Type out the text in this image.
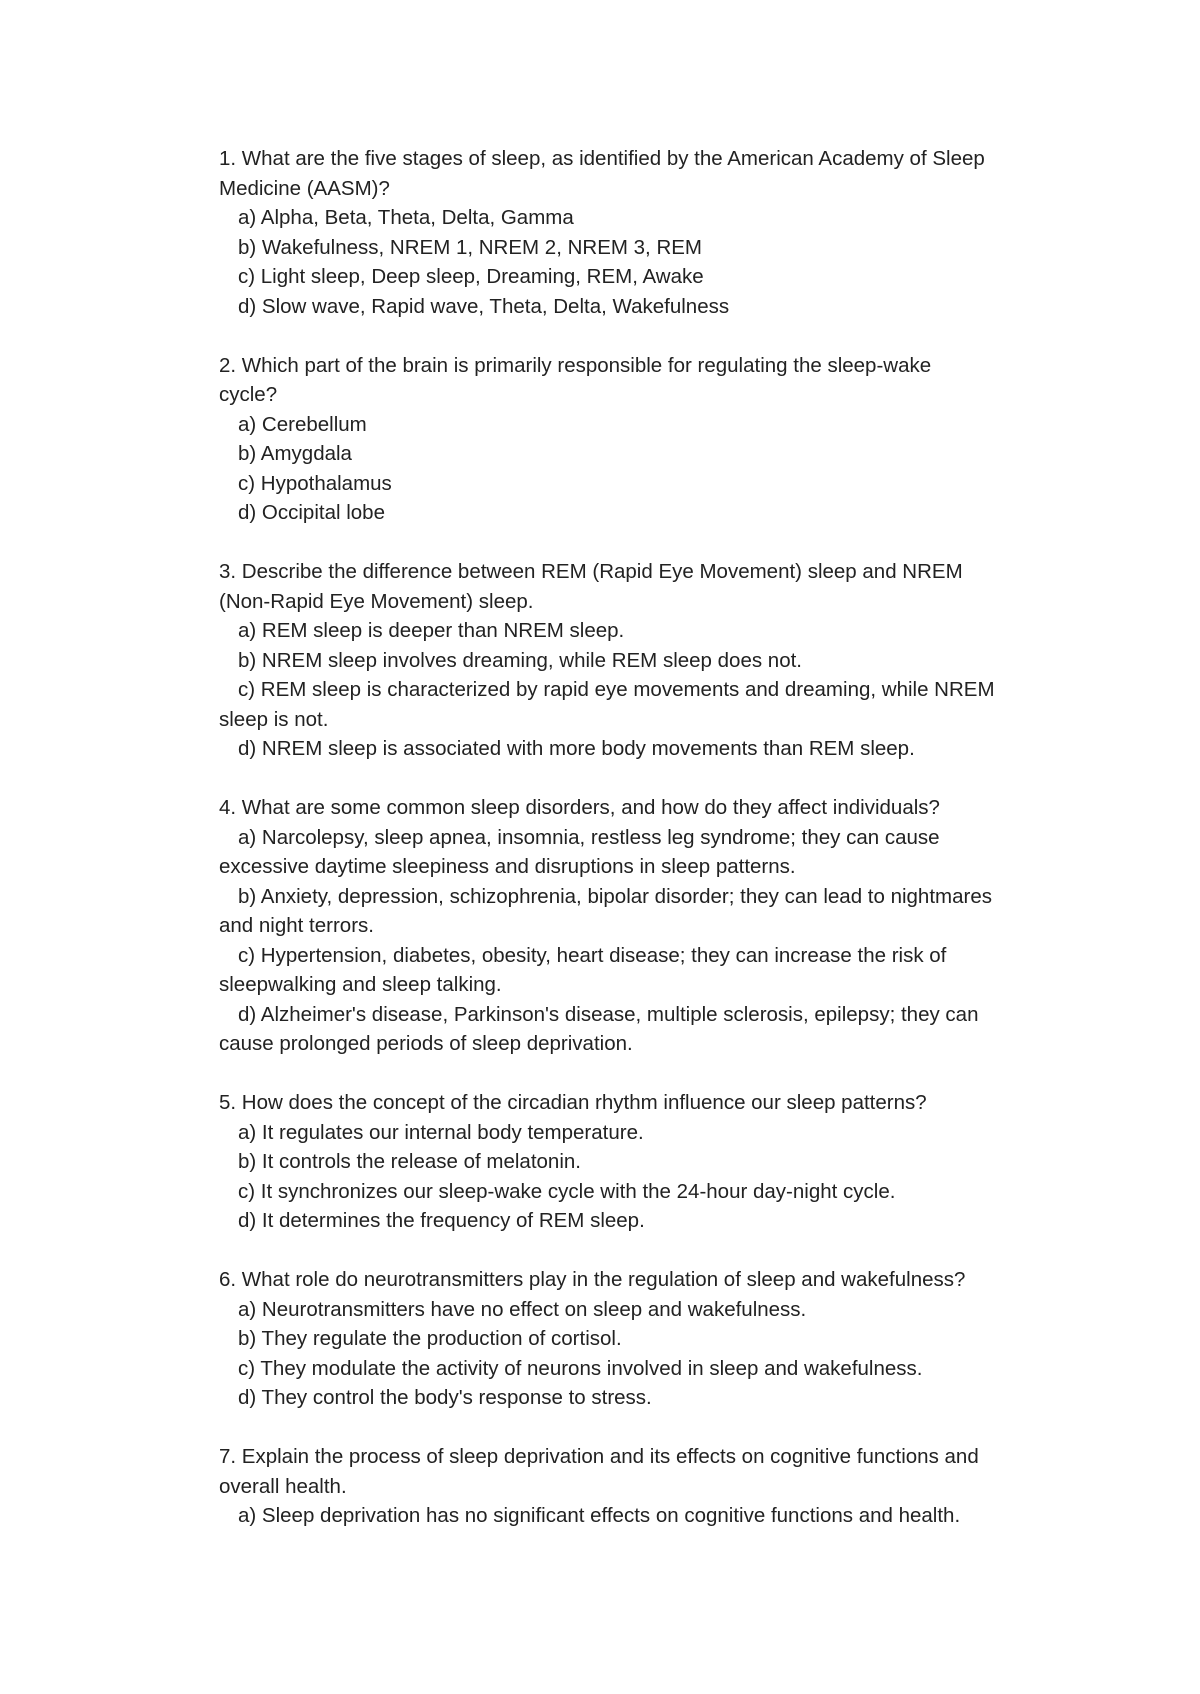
1. What are the five stages of sleep, as identified by the American Academy of Sleep
Medicine (AASM)?
a) Alpha, Beta, Theta, Delta, Gamma
b) Wakefulness, NREM 1, NREM 2, NREM 3, REM
c) Light sleep, Deep sleep, Dreaming, REM, Awake
d) Slow wave, Rapid wave, Theta, Delta, Wakefulness
2. Which part of the brain is primarily responsible for regulating the sleep-wake
cycle?
a) Cerebellum
b) Amygdala
c) Hypothalamus
d) Occipital lobe
3. Describe the difference between REM (Rapid Eye Movement) sleep and NREM
(Non-Rapid Eye Movement) sleep.
a) REM sleep is deeper than NREM sleep.
b) NREM sleep involves dreaming, while REM sleep does not.
c) REM sleep is characterized by rapid eye movements and dreaming, while NREM
sleep is not.
d) NREM sleep is associated with more body movements than REM sleep.
4. What are some common sleep disorders, and how do they affect individuals?
a) Narcolepsy, sleep apnea, insomnia, restless leg syndrome; they can cause
excessive daytime sleepiness and disruptions in sleep patterns.
b) Anxiety, depression, schizophrenia, bipolar disorder; they can lead to nightmares
and night terrors.
c) Hypertension, diabetes, obesity, heart disease; they can increase the risk of
sleepwalking and sleep talking.
d) Alzheimer's disease, Parkinson's disease, multiple sclerosis, epilepsy; they can
cause prolonged periods of sleep deprivation.
5. How does the concept of the circadian rhythm influence our sleep patterns?
a) It regulates our internal body temperature.
b) It controls the release of melatonin.
c) It synchronizes our sleep-wake cycle with the 24-hour day-night cycle.
d) It determines the frequency of REM sleep.
6. What role do neurotransmitters play in the regulation of sleep and wakefulness?
a) Neurotransmitters have no effect on sleep and wakefulness.
b) They regulate the production of cortisol.
c) They modulate the activity of neurons involved in sleep and wakefulness.
d) They control the body's response to stress.
7. Explain the process of sleep deprivation and its effects on cognitive functions and
overall health.
a) Sleep deprivation has no significant effects on cognitive functions and health.
